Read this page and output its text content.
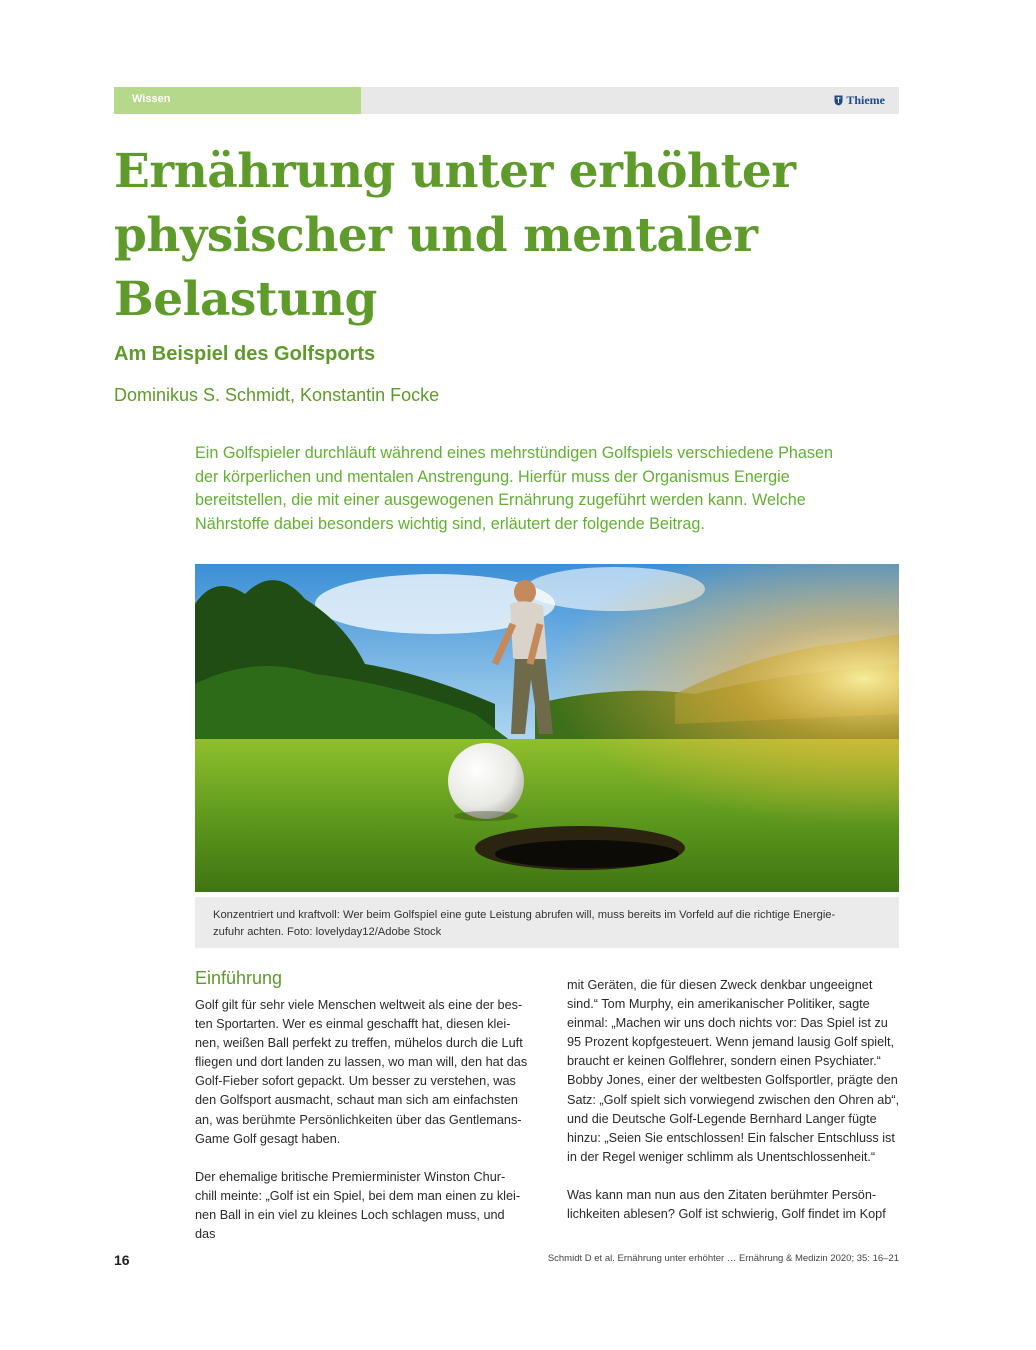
Wissen	Thieme
Ernährung unter erhöhter
physischer und mentaler
Belastung
Am Beispiel des Golfsports

Dominikus S. Schmidt, Konstantin Focke

Ein Golfspieler durchläuft während eines mehrstündigen Golfspiels verschiedene Phasen
der körperlichen und mentalen Anstrengung. Hierfür muss der Organismus Energie
bereitstellen, die mit einer ausgewogenen Ernährung zugeführt werden kann. Welche
Nährstoffe dabei besonders wichtig sind, erläutert der folgende Beitrag.

Konzentriert und kraftvoll: Wer beim Golfspiel eine gute Leistung abrufen will, muss bereits im Vorfeld auf die richtige Energie-
zufuhr achten. Foto: lovelyday12/Adobe Stock

Einführung

Golf gilt für sehr viele Menschen weltweit als eine der bes-
ten Sportarten. Wer es einmal geschafft hat, diesen klei-
nen, weißen Ball perfekt zu treffen, mühelos durch die Luft
fliegen und dort landen zu lassen, wo man will, den hat das
Golf-Fieber sofort gepackt. Um besser zu verstehen, was
den Golfsport ausmacht, schaut man sich am einfachsten
an, was berühmte Persönlichkeiten über das Gentlemans-
Game Golf gesagt haben.

Der ehemalige britische Premierminister Winston Chur-
chill meinte: „Golf ist ein Spiel, bei dem man einen zu klei-
nen Ball in ein viel zu kleines Loch schlagen muss, und das

mit Geräten, die für diesen Zweck denkbar ungeeignet
sind.“ Tom Murphy, ein amerikanischer Politiker, sagte
einmal: „Machen wir uns doch nichts vor: Das Spiel ist zu
95 Prozent kopfgesteuert. Wenn jemand lausig Golf spielt,
braucht er keinen Golflehrer, sondern einen Psychiater.“
Bobby Jones, einer der weltbesten Golfsportler, prägte den
Satz: „Golf spielt sich vorwiegend zwischen den Ohren ab“,
und die Deutsche Golf-Legende Bernhard Langer fügte
hinzu: „Seien Sie entschlossen! Ein falscher Entschluss ist
in der Regel weniger schlimm als Unentschlossenheit.“

Was kann man nun aus den Zitaten berühmter Persön-
lichkeiten ablesen? Golf ist schwierig, Golf findet im Kopf

16	Schmidt D et al. Ernährung unter erhöhter … Ernährung & Medizin 2020; 35: 16–21
